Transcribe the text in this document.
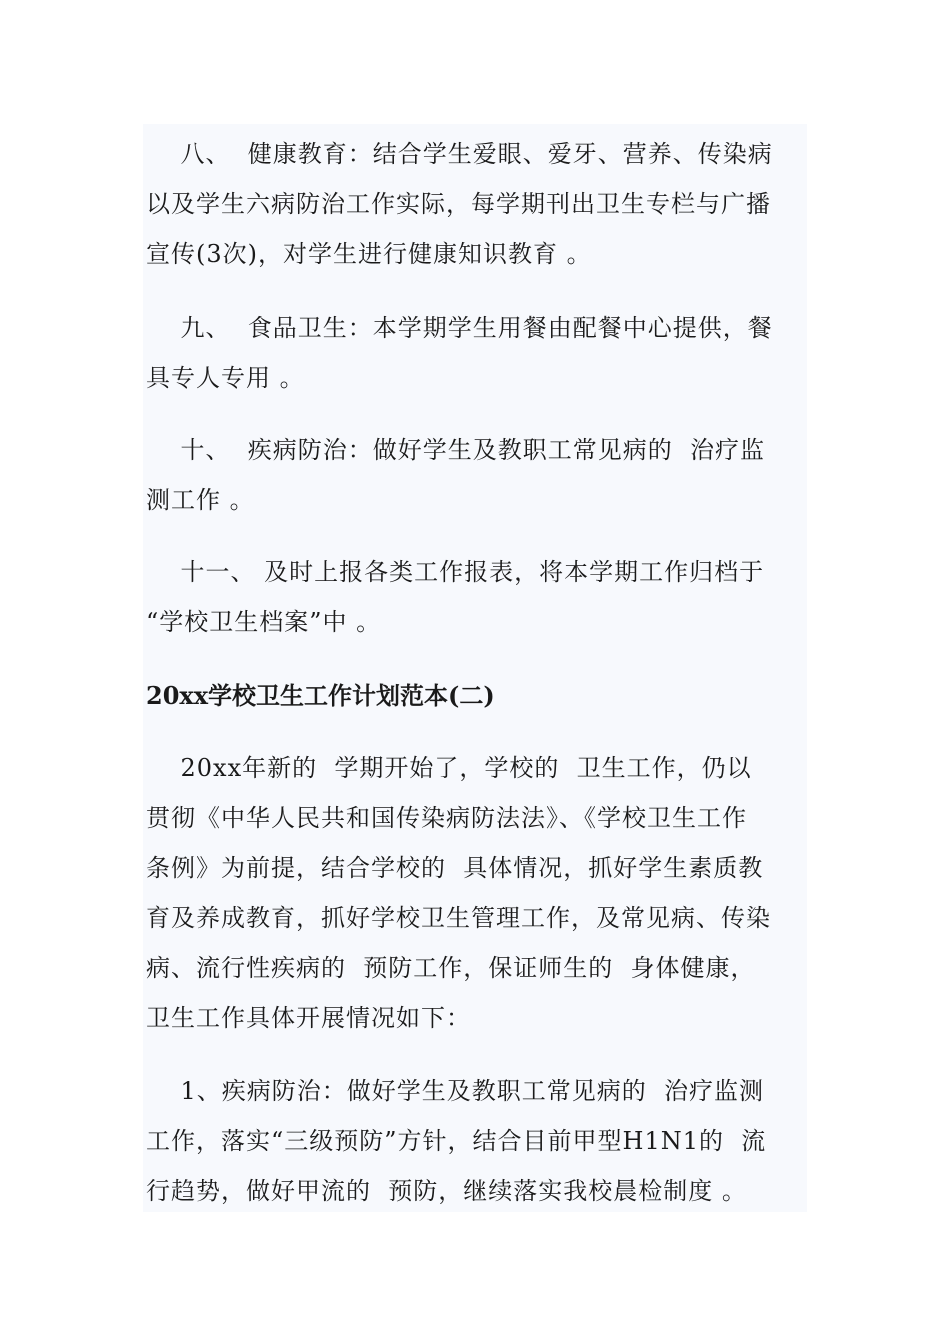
八、  健康教育：结合学生爱眼、爱牙、营养、传染病
以及学生六病防治工作实际，每学期刊出卫生专栏与广播
宣传(3次)，对学生进行健康知识教育 。
九、  食品卫生：本学期学生用餐由配餐中心提供，餐
具专人专用 。
十、  疾病防治：做好学生及教职工常见病的  治疗监
测工作 。
十一、 及时上报各类工作报表，将本学期工作归档于
“学校卫生档案”中 。
20xx学校卫生工作计划范本(二)
20xx年新的  学期开始了，学校的  卫生工作，仍以
贯彻《中华人民共和国传染病防法法》、《学校卫生工作
条例》为前提，结合学校的  具体情况，抓好学生素质教
育及养成教育，抓好学校卫生管理工作，及常见病、传染
病、流行性疾病的  预防工作，保证师生的  身体健康，
卫生工作具体开展情况如下：
1、疾病防治：做好学生及教职工常见病的  治疗监测
工作，落实“三级预防”方针，结合目前甲型H1N1的  流
行趋势，做好甲流的  预防，继续落实我校晨检制度 。
